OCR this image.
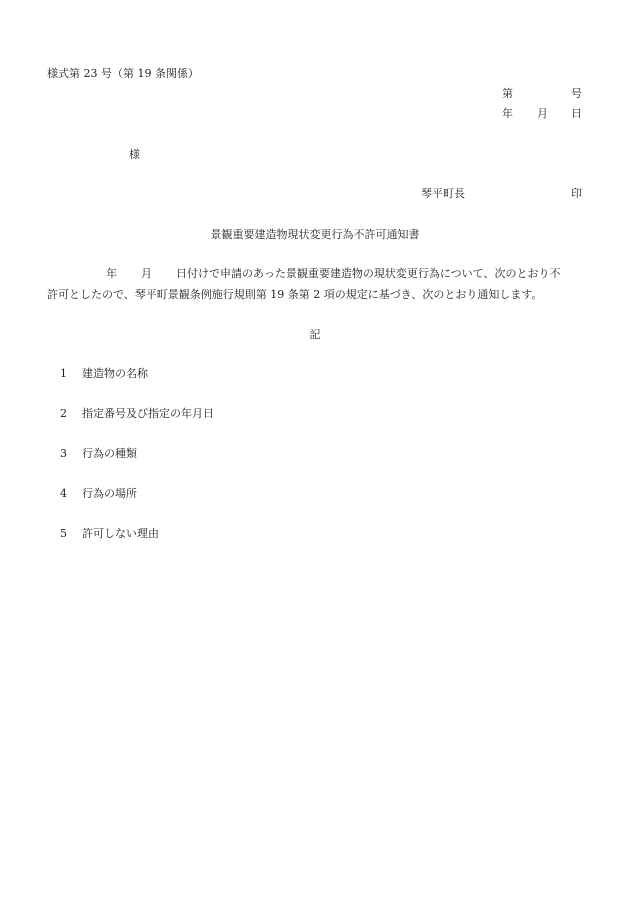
様式第 23 号（第 19 条関係）
第	号
年 月 日
様
琴平町長	印
景観重要建造物現状変更行為不許可通知書
年 月 日付けで申請のあった景観重要建造物の現状変更行為について、次のとおり不
許可としたので、琴平町景観条例施行規則第 19 条第 2 項の規定に基づき、次のとおり通知します。
記
1 建造物の名称
2 指定番号及び指定の年月日
3 行為の種類
4 行為の場所
5 許可しない理由
